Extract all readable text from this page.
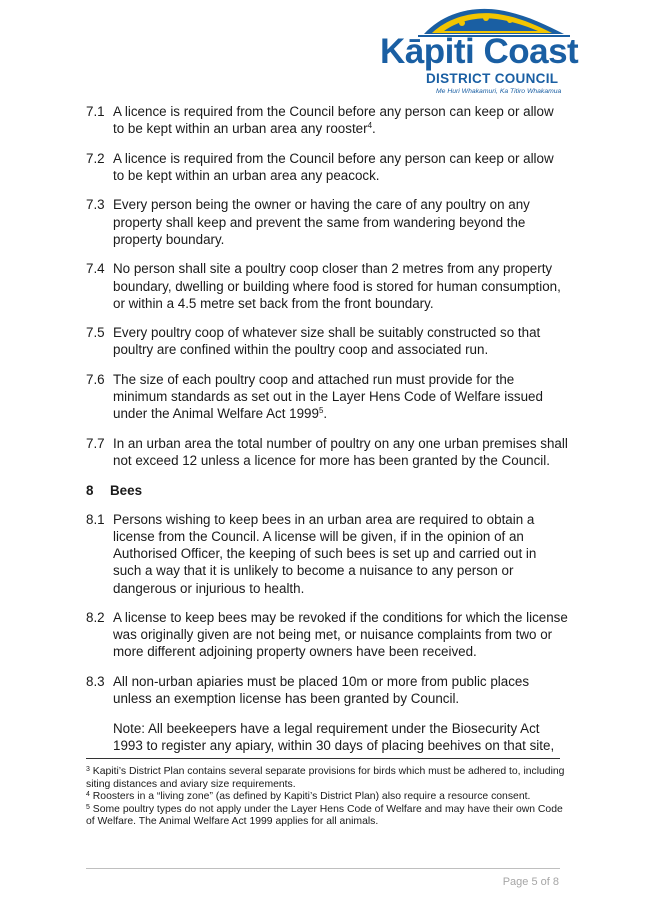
Kāpiti Coast
DISTRICT COUNCIL
Me Huri Whakamuri, Ka Titiro Whakamua
7.1 A licence is required from the Council before any person can keep or allow to be kept within an urban area any rooster$^4$.
7.2 A licence is required from the Council before any person can keep or allow to be kept within an urban area any peacock.
7.3 Every person being the owner or having the care of any poultry on any property shall keep and prevent the same from wandering beyond the property boundary.
7.4 No person shall site a poultry coop closer than 2 metres from any property boundary, dwelling or building where food is stored for human consumption, or within a 4.5 metre set back from the front boundary.
7.5 Every poultry coop of whatever size shall be suitably constructed so that poultry are confined within the poultry coop and associated run.
7.6 The size of each poultry coop and attached run must provide for the minimum standards as set out in the Layer Hens Code of Welfare issued under the Animal Welfare Act 1999$^5$.
7.7 In an urban area the total number of poultry on any one urban premises shall not exceed 12 unless a licence for more has been granted by the Council.
8	Bees
8.1 Persons wishing to keep bees in an urban area are required to obtain a license from the Council. A license will be given, if in the opinion of an Authorised Officer, the keeping of such bees is set up and carried out in such a way that it is unlikely to become a nuisance to any person or dangerous or injurious to health.
8.2 A license to keep bees may be revoked if the conditions for which the license was originally given are not being met, or nuisance complaints from two or more different adjoining property owners have been received.
8.3 All non-urban apiaries must be placed 10m or more from public places unless an exemption license has been granted by Council.
Note: All beekeepers have a legal requirement under the Biosecurity Act 1993 to register any apiary, within 30 days of placing beehives on that site,

$^3$ Kapiti’s District Plan contains several separate provisions for birds which must be adhered to, including siting distances and aviary size requirements.

$^4$ Roosters in a “living zone” (as defined by Kapiti’s District Plan) also require a resource consent.

$^5$ Some poultry types do not apply under the Layer Hens Code of Welfare and may have their own Code of Welfare. The Animal Welfare Act 1999 applies for all animals.

Page 5 of 8
